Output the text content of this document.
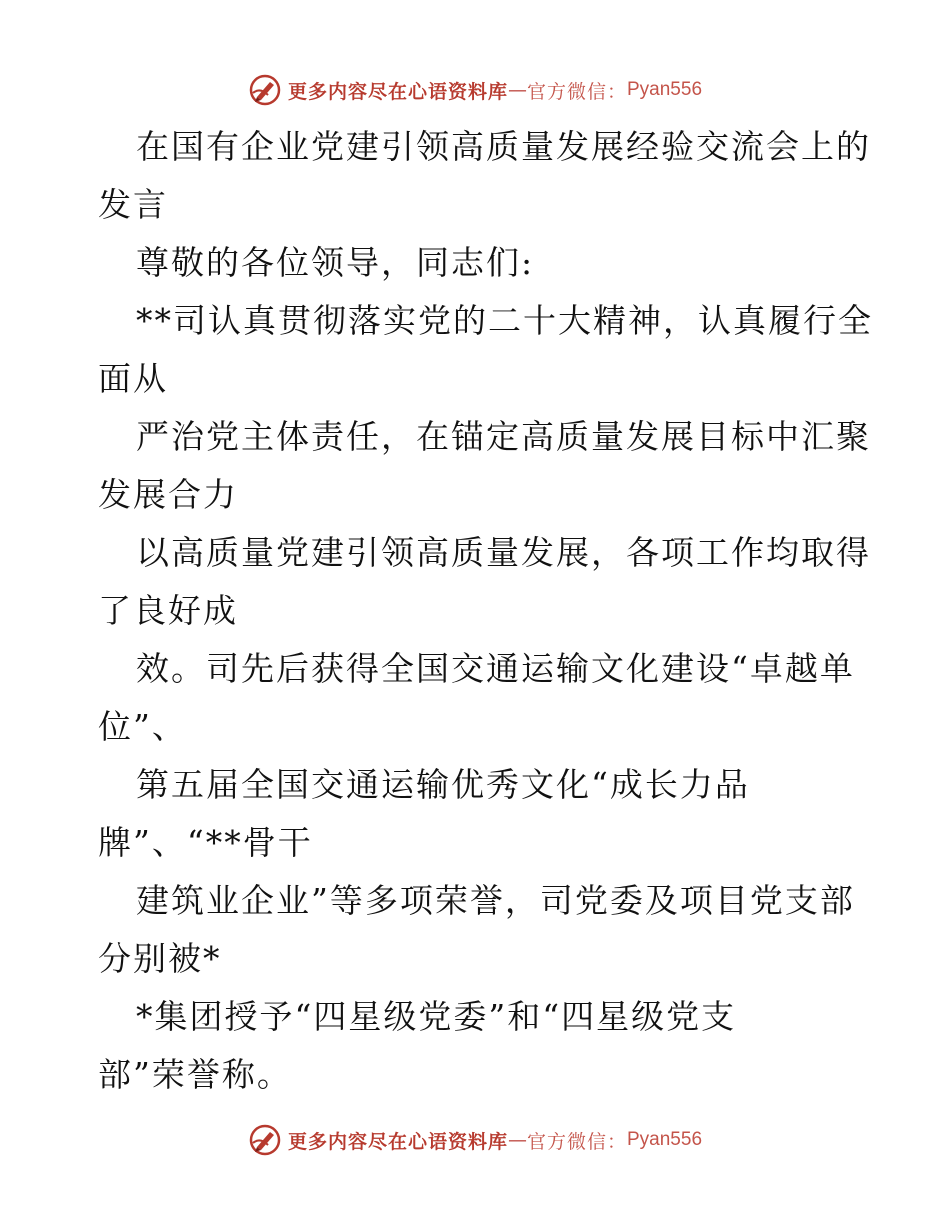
更多内容尽在心语资料库 — 官方微信： Pyan556
在国有企业党建引领高质量发展经验交流会上的
发言
尊敬的各位领导，同志们:
**司认真贯彻落实党的二十大精神，认真履行全
面从
严治党主体责任，在锚定高质量发展目标中汇聚
发展合力
以高质量党建引领高质量发展，各项工作均取得
了良好成
效。司先后获得全国交通运输文化建设“卓越单
位”、
第五届全国交通运输优秀文化“成长力品
牌”、“**骨干
建筑业企业”等多项荣誉，司党委及项目党支部
分别被*
*集团授予“四星级党委”和“四星级党支
部”荣誉称。
更多内容尽在心语资料库 — 官方微信： Pyan556
